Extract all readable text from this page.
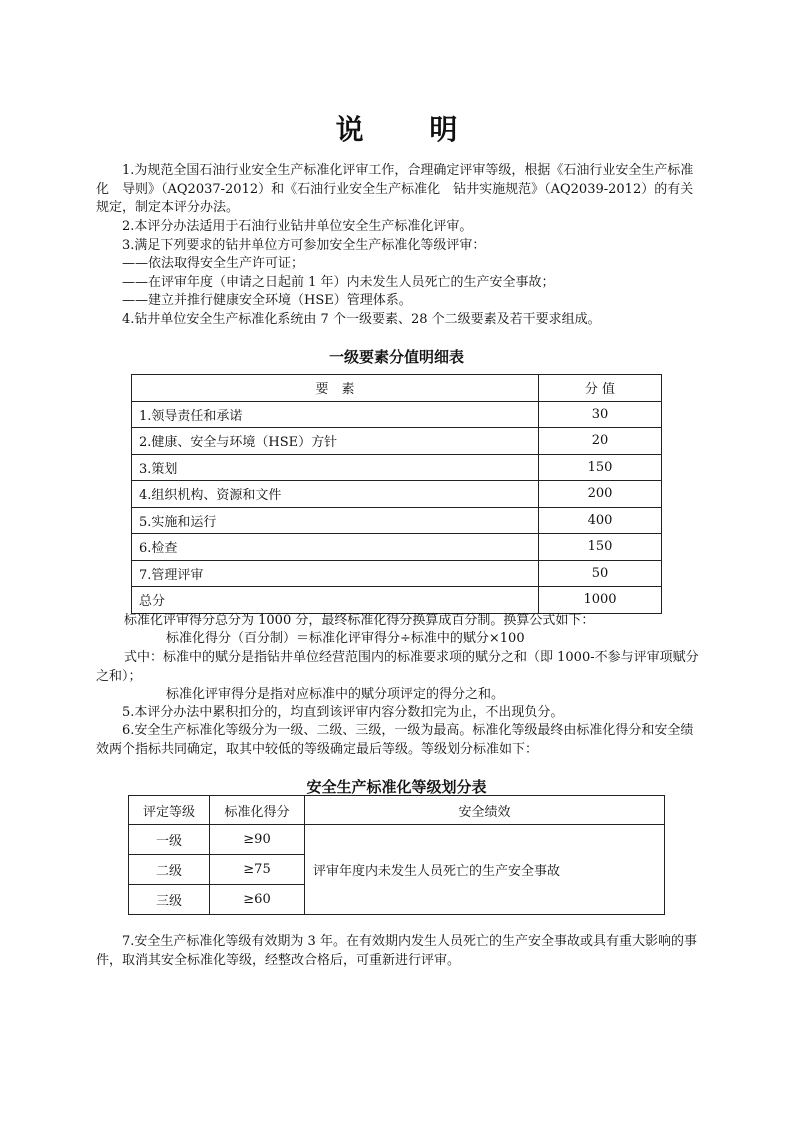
说 明

1.为规范全国石油行业安全生产标准化评审工作，合理确定评审等级，根据《石油行业安全生产标准化　导则》（AQ2037-2012）和《石油行业安全生产标准化　钻井实施规范》（AQ2039-2012）的有关规定，制定本评分办法。

2.本评分办法适用于石油行业钻井单位安全生产标准化评审。

3.满足下列要求的钻井单位方可参加安全生产标准化等级评审：

——依法取得安全生产许可证；

——在评审年度（申请之日起前 1 年）内未发生人员死亡的生产安全事故；

——建立并推行健康安全环境（HSE）管理体系。

4.钻井单位安全生产标准化系统由 7 个一级要素、28 个二级要素及若干要求组成。

一级要素分值明细表
要　素	分 值
1.领导责任和承诺	30
2.健康、安全与环境（HSE）方针	20
3.策划	150
4.组织机构、资源和文件	200
5.实施和运行	400
6.检查	150
7.管理评审	50
总分	1000

标准化评审得分总分为 1000 分，最终标准化得分换算成百分制。换算公式如下：

标准化得分（百分制）＝标准化评审得分÷标准中的赋分×100

式中：标准中的赋分是指钻井单位经营范围内的标准要求项的赋分之和（即 1000-不参与评审项赋分之和）；

标准化评审得分是指对应标准中的赋分项评定的得分之和。

5.本评分办法中累积扣分的，均直到该评审内容分数扣完为止，不出现负分。

6.安全生产标准化等级分为一级、二级、三级，一级为最高。标准化等级最终由标准化得分和安全绩效两个指标共同确定，取其中较低的等级确定最后等级。等级划分标准如下：

安全生产标准化等级划分表
评定等级	标准化得分	安全绩效
一级	≥90	评审年度内未发生人员死亡的生产安全事故
二级	≥75	
三级	≥60	

7.安全生产标准化等级有效期为 3 年。在有效期内发生人员死亡的生产安全事故或具有重大影响的事件，取消其安全标准化等级，经整改合格后，可重新进行评审。
